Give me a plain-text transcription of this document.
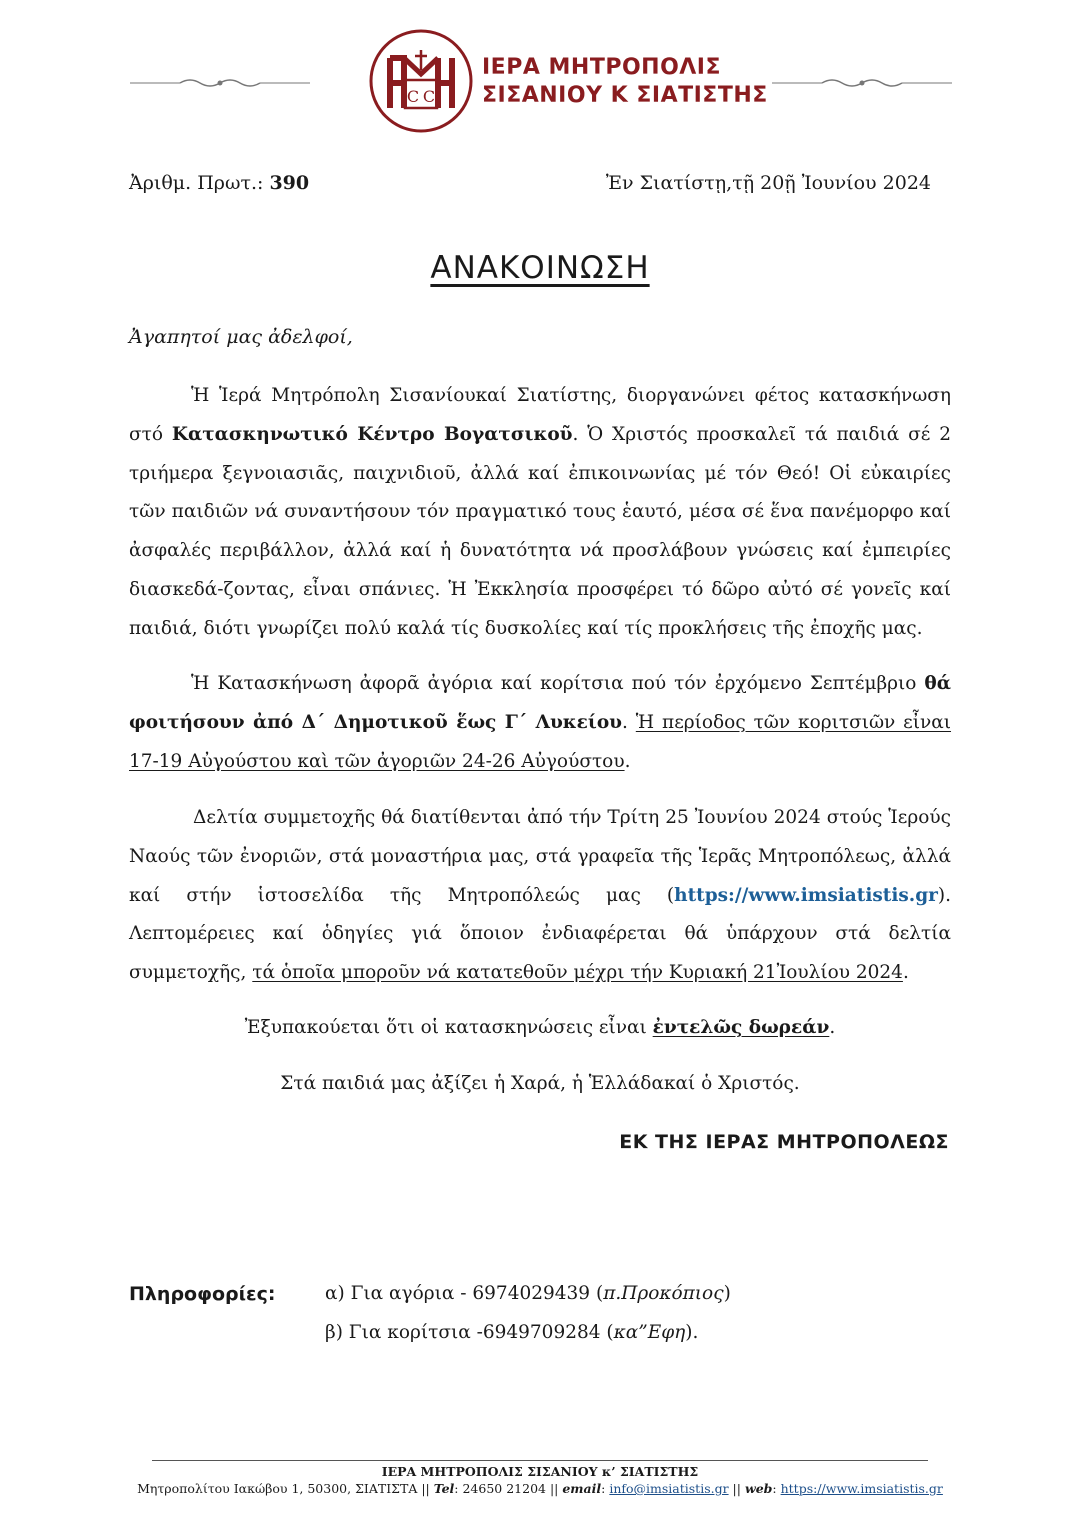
C C
ΙΕΡΑ ΜΗΤΡΟΠΟΛΙΣ
ΣΙΣΑΝΙΟΥ Κ ΣΙΑΤΙΣΤΗΣ
Ἀριθμ. Πρωτ.: 390	Ἐν Σιατίστῃ,τῇ 20ῇ Ἰουνίου 2024
ΑΝΑΚΟΙΝΩΣΗ
Ἀγαπητοί μας ἀδελφοί,
Ἡ Ἱερά Μητρόπολη Σισανίουκαί Σιατίστης, διοργανώνει φέτος κατασκήνωση στό Κατασκηνωτικό Κέντρο Βογατσικοῦ. Ὁ Χριστός προσκαλεῖ τά παιδιά σέ 2 τριήμερα ξεγνοιασιᾶς, παιχνιδιοῦ, ἀλλά καί ἐπικοινωνίας μέ τόν Θεό! Οἱ εὐκαιρίες τῶν παιδιῶν νά συναντήσουν τόν πραγματικό τους ἑαυτό, μέσα σέ ἕνα πανέμορφο καί ἀσφαλές περιβάλλον, ἀλλά καί ἡ δυνατότητα νά προσλάβουν γνώσεις καί ἐμπειρίες διασκεδά-ζοντας, εἶναι σπάνιες. Ἡ Ἐκκλησία προσφέρει τό δῶρο αὐτό σέ γονεῖς καί παιδιά, διότι γνωρίζει πολύ καλά τίς δυσκολίες καί τίς προκλήσεις τῆς ἐποχῆς μας.
Ἡ Κατασκήνωση ἀφορᾶ ἀγόρια καί κορίτσια πού τόν ἐρχόμενο Σεπτέμβριο θά φοιτήσουν ἀπό Δ΄ Δημοτικοῦ ἕως Γ΄ Λυκείου. Ἡ περίοδος τῶν κοριτσιῶν εἶναι 17-19 Αὐγούστου καὶ τῶν ἀγοριῶν 24-26 Αὐγούστου.
Δελτία συμμετοχῆς θά διατίθενται ἀπό τήν Τρίτη 25 Ἰουνίου 2024 στούς Ἱερούς Ναούς τῶν ἐνοριῶν, στά μοναστήρια μας, στά γραφεῖα τῆς Ἱερᾶς Μητροπόλεως, ἀλλά καί στήν ἱστοσελίδα τῆς Μητροπόλεώς μας (https://www.imsiatistis.gr). Λεπτομέρειες καί ὁδηγίες γιά ὅποιον ἐνδιαφέρεται θά ὑπάρχουν στά δελτία συμμετοχῆς, τά ὁποῖα μποροῦν νά κατατεθοῦν μέχρι τήν Κυριακή 21Ἰουλίου 2024.
Ἐξυπακούεται ὅτι οἱ κατασκηνώσεις εἶναι ἐντελῶς δωρεάν.
Στά παιδιά μας ἀξίζει ἡ Χαρά, ἡ Ἑλλάδακαί ὁ Χριστός.
ΕΚ ΤΗΣ ΙΕΡΑΣ ΜΗΤΡΟΠΟΛΕΩΣ
Πληροφορίες:	α) Για αγόρια - 6974029439 (π.Προκόπιος)
β) Για κορίτσια -6949709284 (κα”Εφη).
ΙΕΡΑ ΜΗΤΡΟΠΟΛΙΣ ΣΙΣΑΝΙΟΥ κ’ ΣΙΑΤΙΣΤΗΣ
Μητροπολίτου Ιακώβου 1, 50300, ΣΙΑΤΙΣΤΑ || Tel: 24650 21204 || email: info@imsiatistis.gr || web: https://www.imsiatistis.gr
